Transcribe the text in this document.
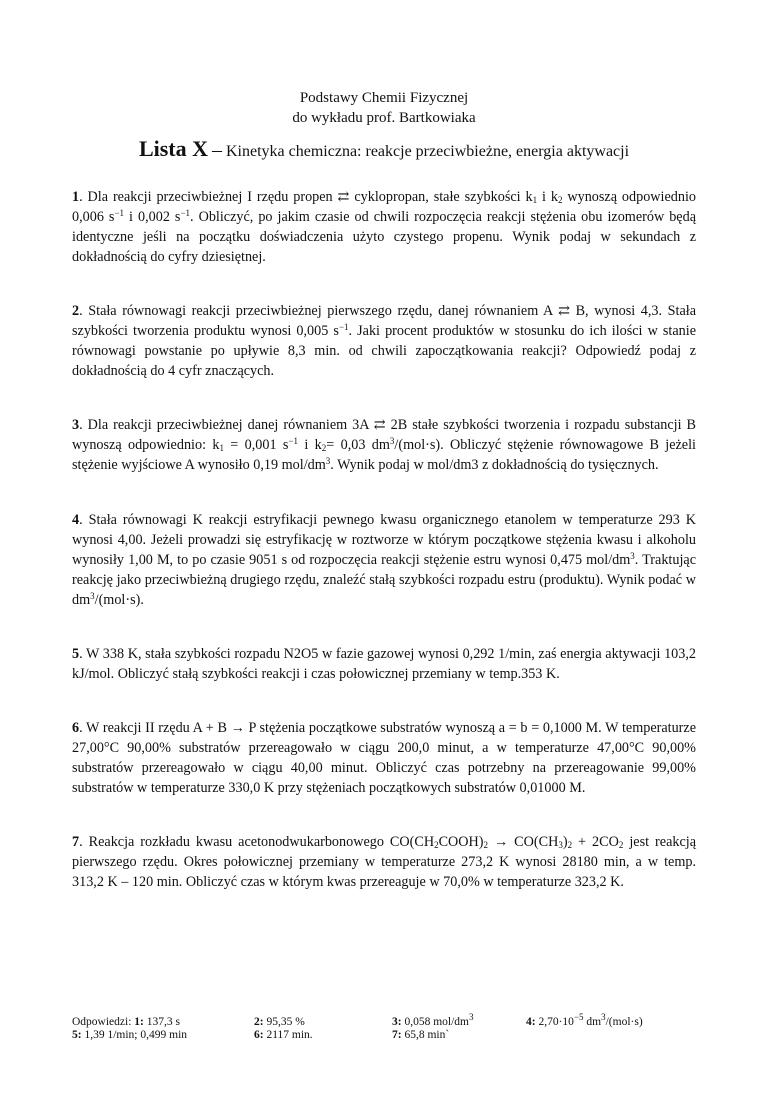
Podstawy Chemii Fizycznej
do wykładu prof. Bartkowiaka
Lista X – Kinetyka chemiczna: reakcje przeciwbieżne, energia aktywacji

1. Dla reakcji przeciwbieżnej I rzędu propen ⇄ cyklopropan, stałe szybkości $k_1$ i $k_2$ wynoszą odpowiednio 0,006 $s^{-1}$ i 0,002 $s^{-1}$. Obliczyć, po jakim czasie od chwili rozpoczęcia reakcji stężenia obu izomerów będą identyczne jeśli na początku doświadczenia użyto czystego propenu. Wynik podaj w sekundach z dokładnością do cyfry dziesiętnej.

2. Stała równowagi reakcji przeciwbieżnej pierwszego rzędu, danej równaniem A ⇄ B, wynosi 4,3. Stała szybkości tworzenia produktu wynosi 0,005 $s^{-1}$. Jaki procent produktów w stosunku do ich ilości w stanie równowagi powstanie po upływie 8,3 min. od chwili zapoczątkowania reakcji? Odpowiedź podaj z dokładnością do 4 cyfr znaczących.

3. Dla reakcji przeciwbieżnej danej równaniem 3A ⇄ 2B stałe szybkości tworzenia i rozpadu substancji B wynoszą odpowiednio: $k_1 = 0,001$ $s^{-1}$ i $k_2= 0,03$ $dm^3/(mol\cdot s)$. Obliczyć stężenie równowagowe B jeżeli stężenie wyjściowe A wynosiło 0,19 mol/$dm^3$. Wynik podaj w mol/dm3 z dokładnością do tysięcznych.

4. Stała równowagi K reakcji estryfikacji pewnego kwasu organicznego etanolem w temperaturze 293 K wynosi 4,00. Jeżeli prowadzi się estryfikację w roztworze w którym początkowe stężenia kwasu i alkoholu wynosiły 1,00 M, to po czasie 9051 s od rozpoczęcia reakcji stężenie estru wynosi 0,475 mol/$dm^3$. Traktując reakcję jako przeciwbieżną drugiego rzędu, znaleźć stałą szybkości rozpadu estru (produktu). Wynik podać w $dm^3/(mol\cdot s)$.

5. W 338 K, stała szybkości rozpadu N2O5 w fazie gazowej wynosi 0,292 1/min, zaś energia aktywacji 103,2 kJ/mol. Obliczyć stałą szybkości reakcji i czas połowicznej przemiany w temp.353 K.

6. W reakcji II rzędu A + B → P stężenia początkowe substratów wynoszą a = b = 0,1000 M. W temperaturze 27,00°C 90,00% substratów przereagowało w ciągu 200,0 minut, a w temperaturze 47,00°C 90,00% substratów przereagowało w ciągu 40,00 minut. Obliczyć czas potrzebny na przereagowanie 99,00% substratów w temperaturze 330,0 K przy stężeniach początkowych substratów 0,01000 M.

7. Reakcja rozkładu kwasu acetonodwukarbonowego $CO(CH_2COOH)_2 \to CO(CH_3)_2 + 2CO_2$ jest reakcją pierwszego rzędu. Okres połowicznej przemiany w temperaturze 273,2 K wynosi 28180 min, a w temp. 313,2 K – 120 min. Obliczyć czas w którym kwas przereaguje w 70,0% w temperaturze 323,2 K.

Odpowiedzi: 1: 137,3 s	2: 95,35 %	3: 0,058 mol/$dm^3$	4: $2,70\cdot 10^{-5}$ $dm^3/(mol\cdot s)$
5: 1,39 1/min; 0,499 min	6: 2117 min.	7: 65,8 min`
